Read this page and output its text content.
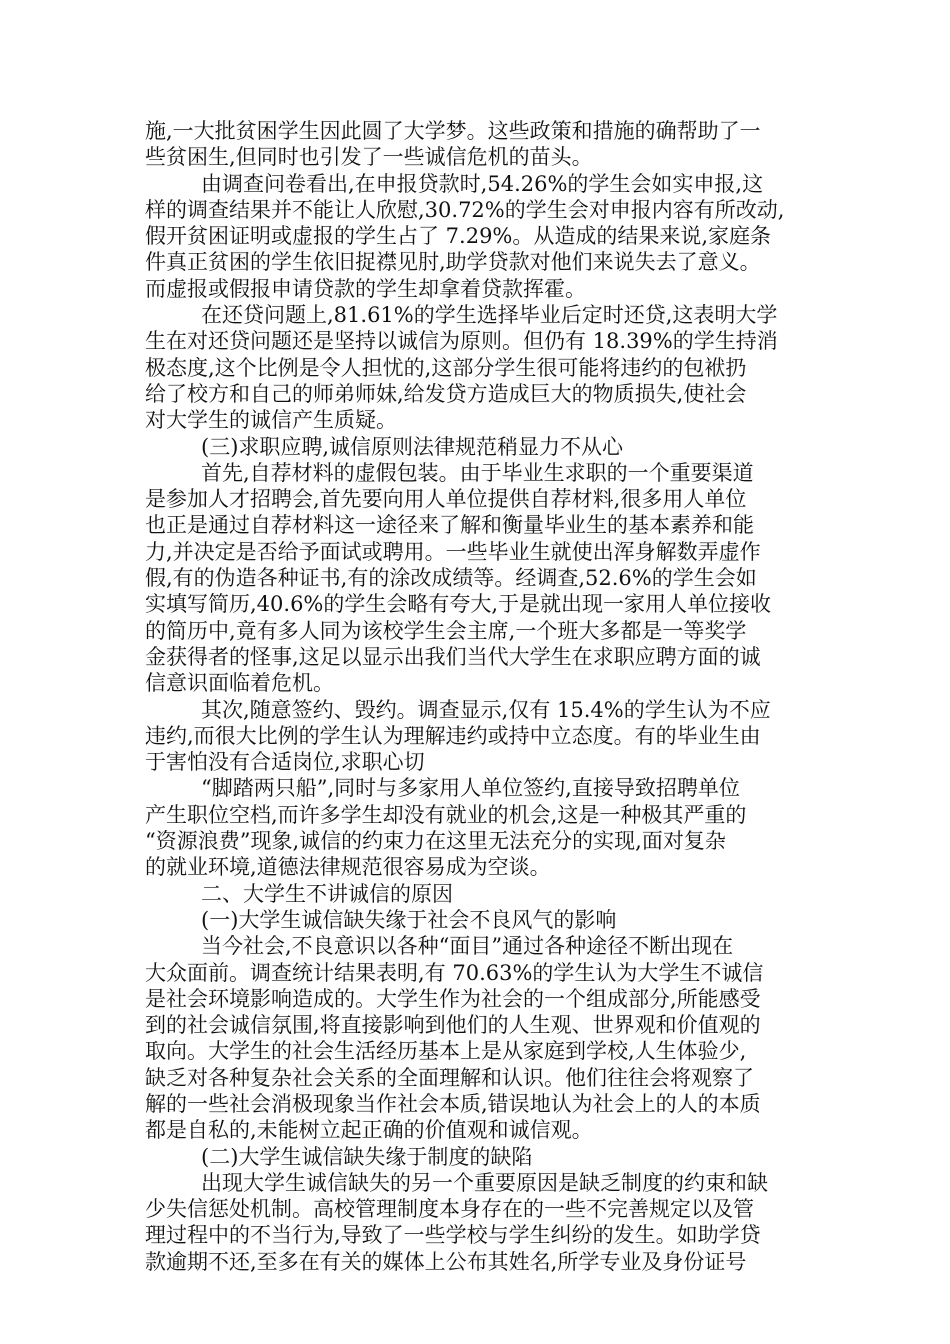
施,一大批贫困学生因此圆了大学梦。这些政策和措施的确帮助了一
些贫困生,但同时也引发了一些诚信危机的苗头。
由调查问卷看出,在申报贷款时,54.26%的学生会如实申报,这
样的调查结果并不能让人欣慰,30.72%的学生会对申报内容有所改动,
假开贫困证明或虚报的学生占了 7.29%。从造成的结果来说,家庭条
件真正贫困的学生依旧捉襟见肘,助学贷款对他们来说失去了意义。
而虚报或假报申请贷款的学生却拿着贷款挥霍。
在还贷问题上,81.61%的学生选择毕业后定时还贷,这表明大学
生在对还贷问题还是坚持以诚信为原则。但仍有 18.39%的学生持消
极态度,这个比例是令人担忧的,这部分学生很可能将违约的包袱扔
给了校方和自己的师弟师妹,给发贷方造成巨大的物质损失,使社会
对大学生的诚信产生质疑。
(三)求职应聘,诚信原则法律规范稍显力不从心
首先,自荐材料的虚假包装。由于毕业生求职的一个重要渠道
是参加人才招聘会,首先要向用人单位提供自荐材料,很多用人单位
也正是通过自荐材料这一途径来了解和衡量毕业生的基本素养和能
力,并决定是否给予面试或聘用。一些毕业生就使出浑身解数弄虚作
假,有的伪造各种证书,有的涂改成绩等。经调查,52.6%的学生会如
实填写简历,40.6%的学生会略有夸大,于是就出现一家用人单位接收
的简历中,竟有多人同为该校学生会主席,一个班大多都是一等奖学
金获得者的怪事,这足以显示出我们当代大学生在求职应聘方面的诚
信意识面临着危机。
其次,随意签约、毁约。调查显示,仅有 15.4%的学生认为不应
违约,而很大比例的学生认为理解违约或持中立态度。有的毕业生由
于害怕没有合适岗位,求职心切
“脚踏两只船”,同时与多家用人单位签约,直接导致招聘单位
产生职位空档,而许多学生却没有就业的机会,这是一种极其严重的
“资源浪费”现象,诚信的约束力在这里无法充分的实现,面对复杂
的就业环境,道德法律规范很容易成为空谈。
二、大学生不讲诚信的原因
(一)大学生诚信缺失缘于社会不良风气的影响
当今社会,不良意识以各种“面目”通过各种途径不断出现在
大众面前。调查统计结果表明,有 70.63%的学生认为大学生不诚信
是社会环境影响造成的。大学生作为社会的一个组成部分,所能感受
到的社会诚信氛围,将直接影响到他们的人生观、世界观和价值观的
取向。大学生的社会生活经历基本上是从家庭到学校,人生体验少,
缺乏对各种复杂社会关系的全面理解和认识。他们往往会将观察了
解的一些社会消极现象当作社会本质,错误地认为社会上的人的本质
都是自私的,未能树立起正确的价值观和诚信观。
(二)大学生诚信缺失缘于制度的缺陷
出现大学生诚信缺失的另一个重要原因是缺乏制度的约束和缺
少失信惩处机制。高校管理制度本身存在的一些不完善规定以及管
理过程中的不当行为,导致了一些学校与学生纠纷的发生。如助学贷
款逾期不还,至多在有关的媒体上公布其姓名,所学专业及身份证号
